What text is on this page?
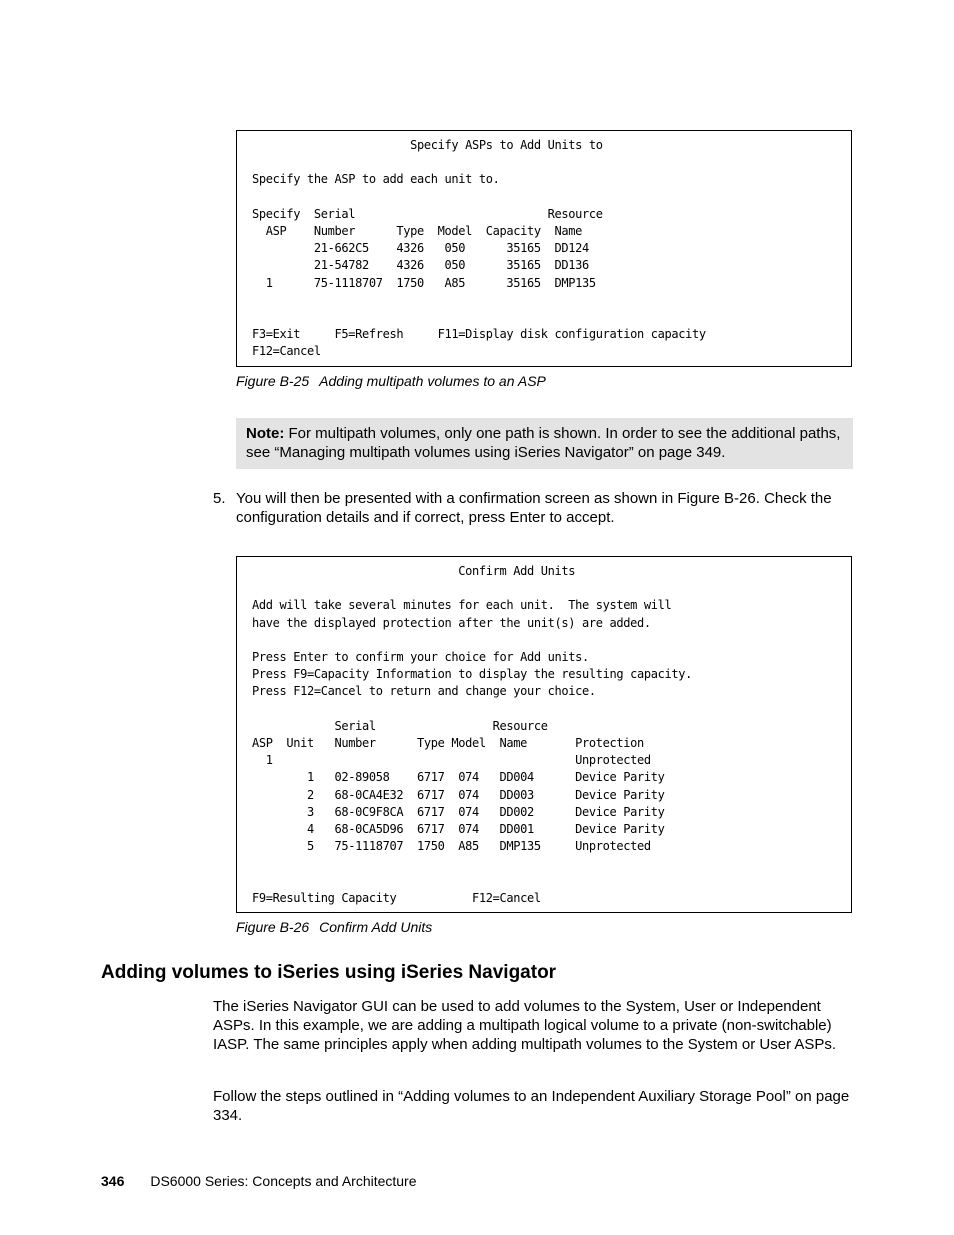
Specify ASPs to Add Units to

Specify the ASP to add each unit to.

Specify  Serial                            Resource
ASP    Number      Type  Model  Capacity  Name
21-662C5    4326   050      35165  DD124
21-54782    4326   050      35165  DD136
1      75-1118707  1750   A85      35165  DMP135

F3=Exit     F5=Refresh     F11=Display disk configuration capacity
F12=Cancel
Figure B-25 Adding multipath volumes to an ASP
Note: For multipath volumes, only one path is shown. In order to see the additional paths, see “Managing multipath volumes using iSeries Navigator” on page 349.
5. You will then be presented with a confirmation screen as shown in Figure B-26. Check the configuration details and if correct, press Enter to accept.
Confirm Add Units

Add will take several minutes for each unit.  The system will
have the displayed protection after the unit(s) are added.

Press Enter to confirm your choice for Add units.
Press F9=Capacity Information to display the resulting capacity.
Press F12=Cancel to return and change your choice.

Serial                 Resource
ASP  Unit   Number      Type Model  Name       Protection
1                                            Unprotected
1   02-89058    6717  074   DD004      Device Parity
2   68-0CA4E32  6717  074   DD003      Device Parity
3   68-0C9F8CA  6717  074   DD002      Device Parity
4   68-0CA5D96  6717  074   DD001      Device Parity
5   75-1118707  1750  A85   DMP135     Unprotected

F9=Resulting Capacity           F12=Cancel
Figure B-26 Confirm Add Units
Adding volumes to iSeries using iSeries Navigator

The iSeries Navigator GUI can be used to add volumes to the System, User or Independent ASPs. In this example, we are adding a multipath logical volume to a private (non-switchable) IASP. The same principles apply when adding multipath volumes to the System or User ASPs.

Follow the steps outlined in “Adding volumes to an Independent Auxiliary Storage Pool” on page 334.

346 DS6000 Series: Concepts and Architecture
